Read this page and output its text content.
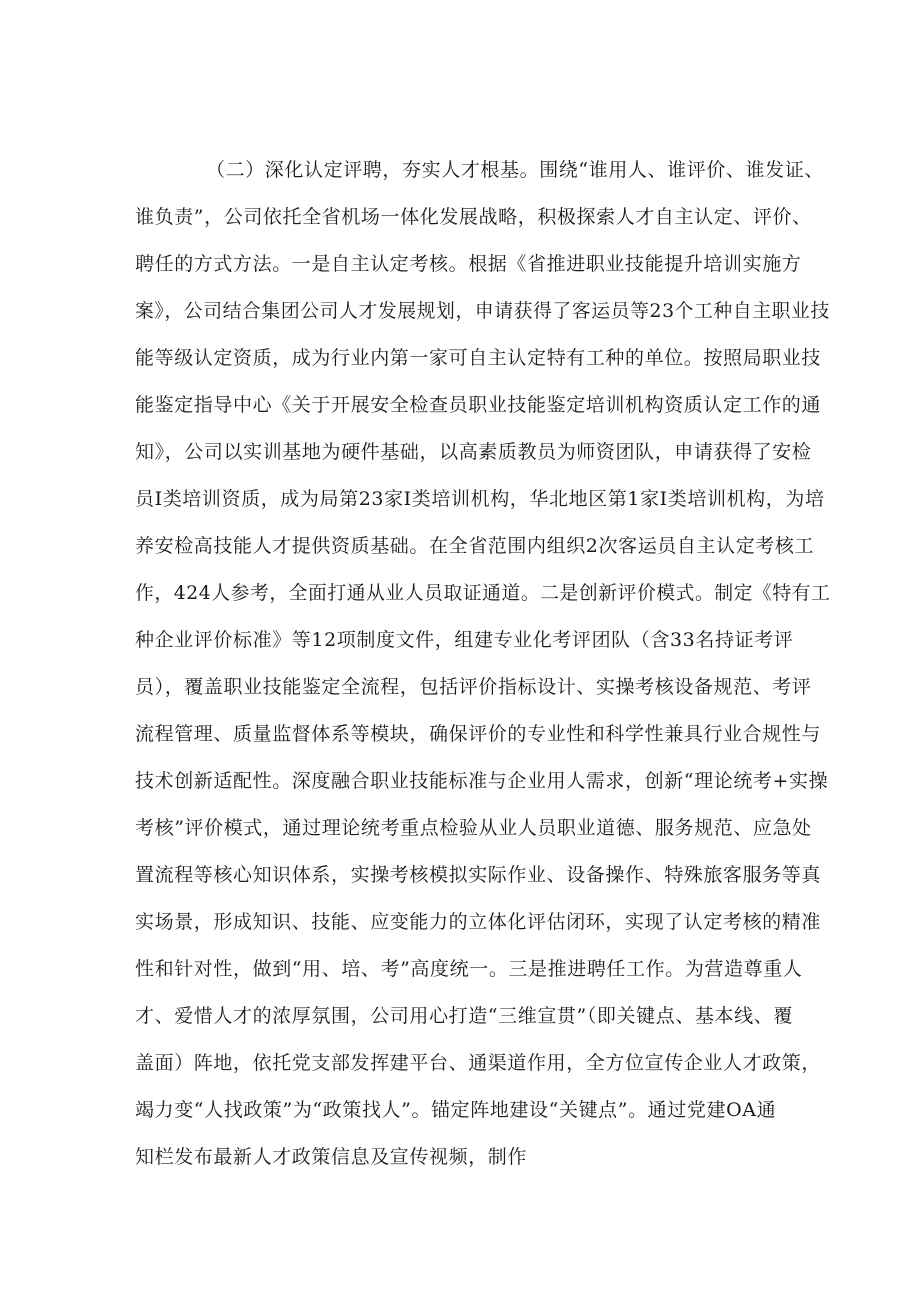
（二）深化认定评聘，夯实人才根基。围绕“谁用人、谁评价、谁发证、
谁负责”，公司依托全省机场一体化发展战略，积极探索人才自主认定、评价、
聘任的方式方法。一是自主认定考核。根据《省推进职业技能提升培训实施方
案》，公司结合集团公司人才发展规划，申请获得了客运员等23个工种自主职业技
能等级认定资质，成为行业内第一家可自主认定特有工种的单位。按照局职业技
能鉴定指导中心《关于开展安全检查员职业技能鉴定培训机构资质认定工作的通
知》，公司以实训基地为硬件基础，以高素质教员为师资团队，申请获得了安检
员I类培训资质，成为局第23家I类培训机构，华北地区第1家I类培训机构，为培
养安检高技能人才提供资质基础。在全省范围内组织2次客运员自主认定考核工
作，424人参考，全面打通从业人员取证通道。二是创新评价模式。制定《特有工
种企业评价标准》等12项制度文件，组建专业化考评团队（含33名持证考评
员），覆盖职业技能鉴定全流程，包括评价指标设计、实操考核设备规范、考评
流程管理、质量监督体系等模块，确保评价的专业性和科学性兼具行业合规性与
技术创新适配性。深度融合职业技能标准与企业用人需求，创新“理论统考+实操
考核”评价模式，通过理论统考重点检验从业人员职业道德、服务规范、应急处
置流程等核心知识体系，实操考核模拟实际作业、设备操作、特殊旅客服务等真
实场景，形成知识、技能、应变能力的立体化评估闭环，实现了认定考核的精准
性和针对性，做到“用、培、考”高度统一。三是推进聘任工作。为营造尊重人
才、爱惜人才的浓厚氛围，公司用心打造“三维宣贯”（即关键点、基本线、覆
盖面）阵地，依托党支部发挥建平台、通渠道作用，全方位宣传企业人才政策，
竭力变“人找政策”为“政策找人”。锚定阵地建设“关键点”。通过党建OA通
知栏发布最新人才政策信息及宣传视频，制作
